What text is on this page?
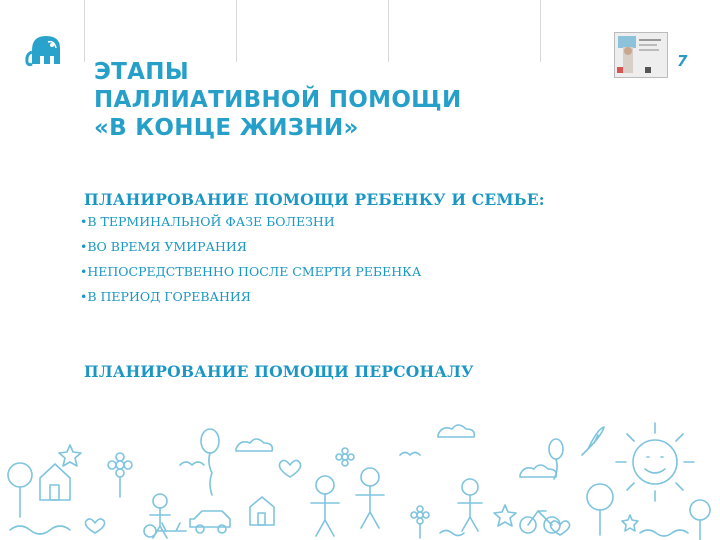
7
ЭТАПЫ
ПАЛЛИАТИВНОЙ ПОМОЩИ
«В КОНЦЕ ЖИЗНИ»
ПЛАНИРОВАНИЕ ПОМОЩИ РЕБЕНКУ И СЕМЬЕ:
•В ТЕРМИНАЛЬНОЙ ФАЗЕ БОЛЕЗНИ
•ВО ВРЕМЯ УМИРАНИЯ
•НЕПОСРЕДСТВЕННО ПОСЛЕ СМЕРТИ РЕБЕНКА
•В ПЕРИОД ГОРЕВАНИЯ
ПЛАНИРОВАНИЕ ПОМОЩИ ПЕРСОНАЛУ
